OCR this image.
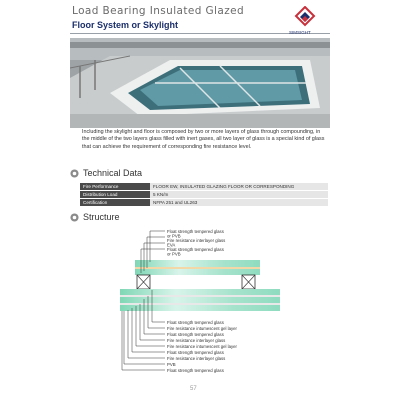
Load Bearing Insulated Glazed
Floor System or Skylight
SIMSIGHT
Including the skylight and floor is composed by two or more layers of glass through compounding, in the middle of the two layers glass filled with inert gases, all two layer of glass is a special kind of glass that can achieve the requirement of corresponding fire resistance level.
Technical Data
Fire Performance	FLOOR EW, INSULATED GLAZING FLOOR OR CORRESPONDING
Distribution Load	5 KN/m
Certification	NFPA 251 and UL263
Structure
Float strength tempered glass
or PVB
Fire resistance interlayer glass
EVA
Float strength tempered glass
or PVB
Float strength tempered glass
Fire resistance intumescent gel layer
Float strength tempered glass
Fire resistance interlayer glass
Fire resistance intumescent gel layer
Float strength tempered glass
Fire resistance interlayer glass
PVB
Float strength tempered glass
57
